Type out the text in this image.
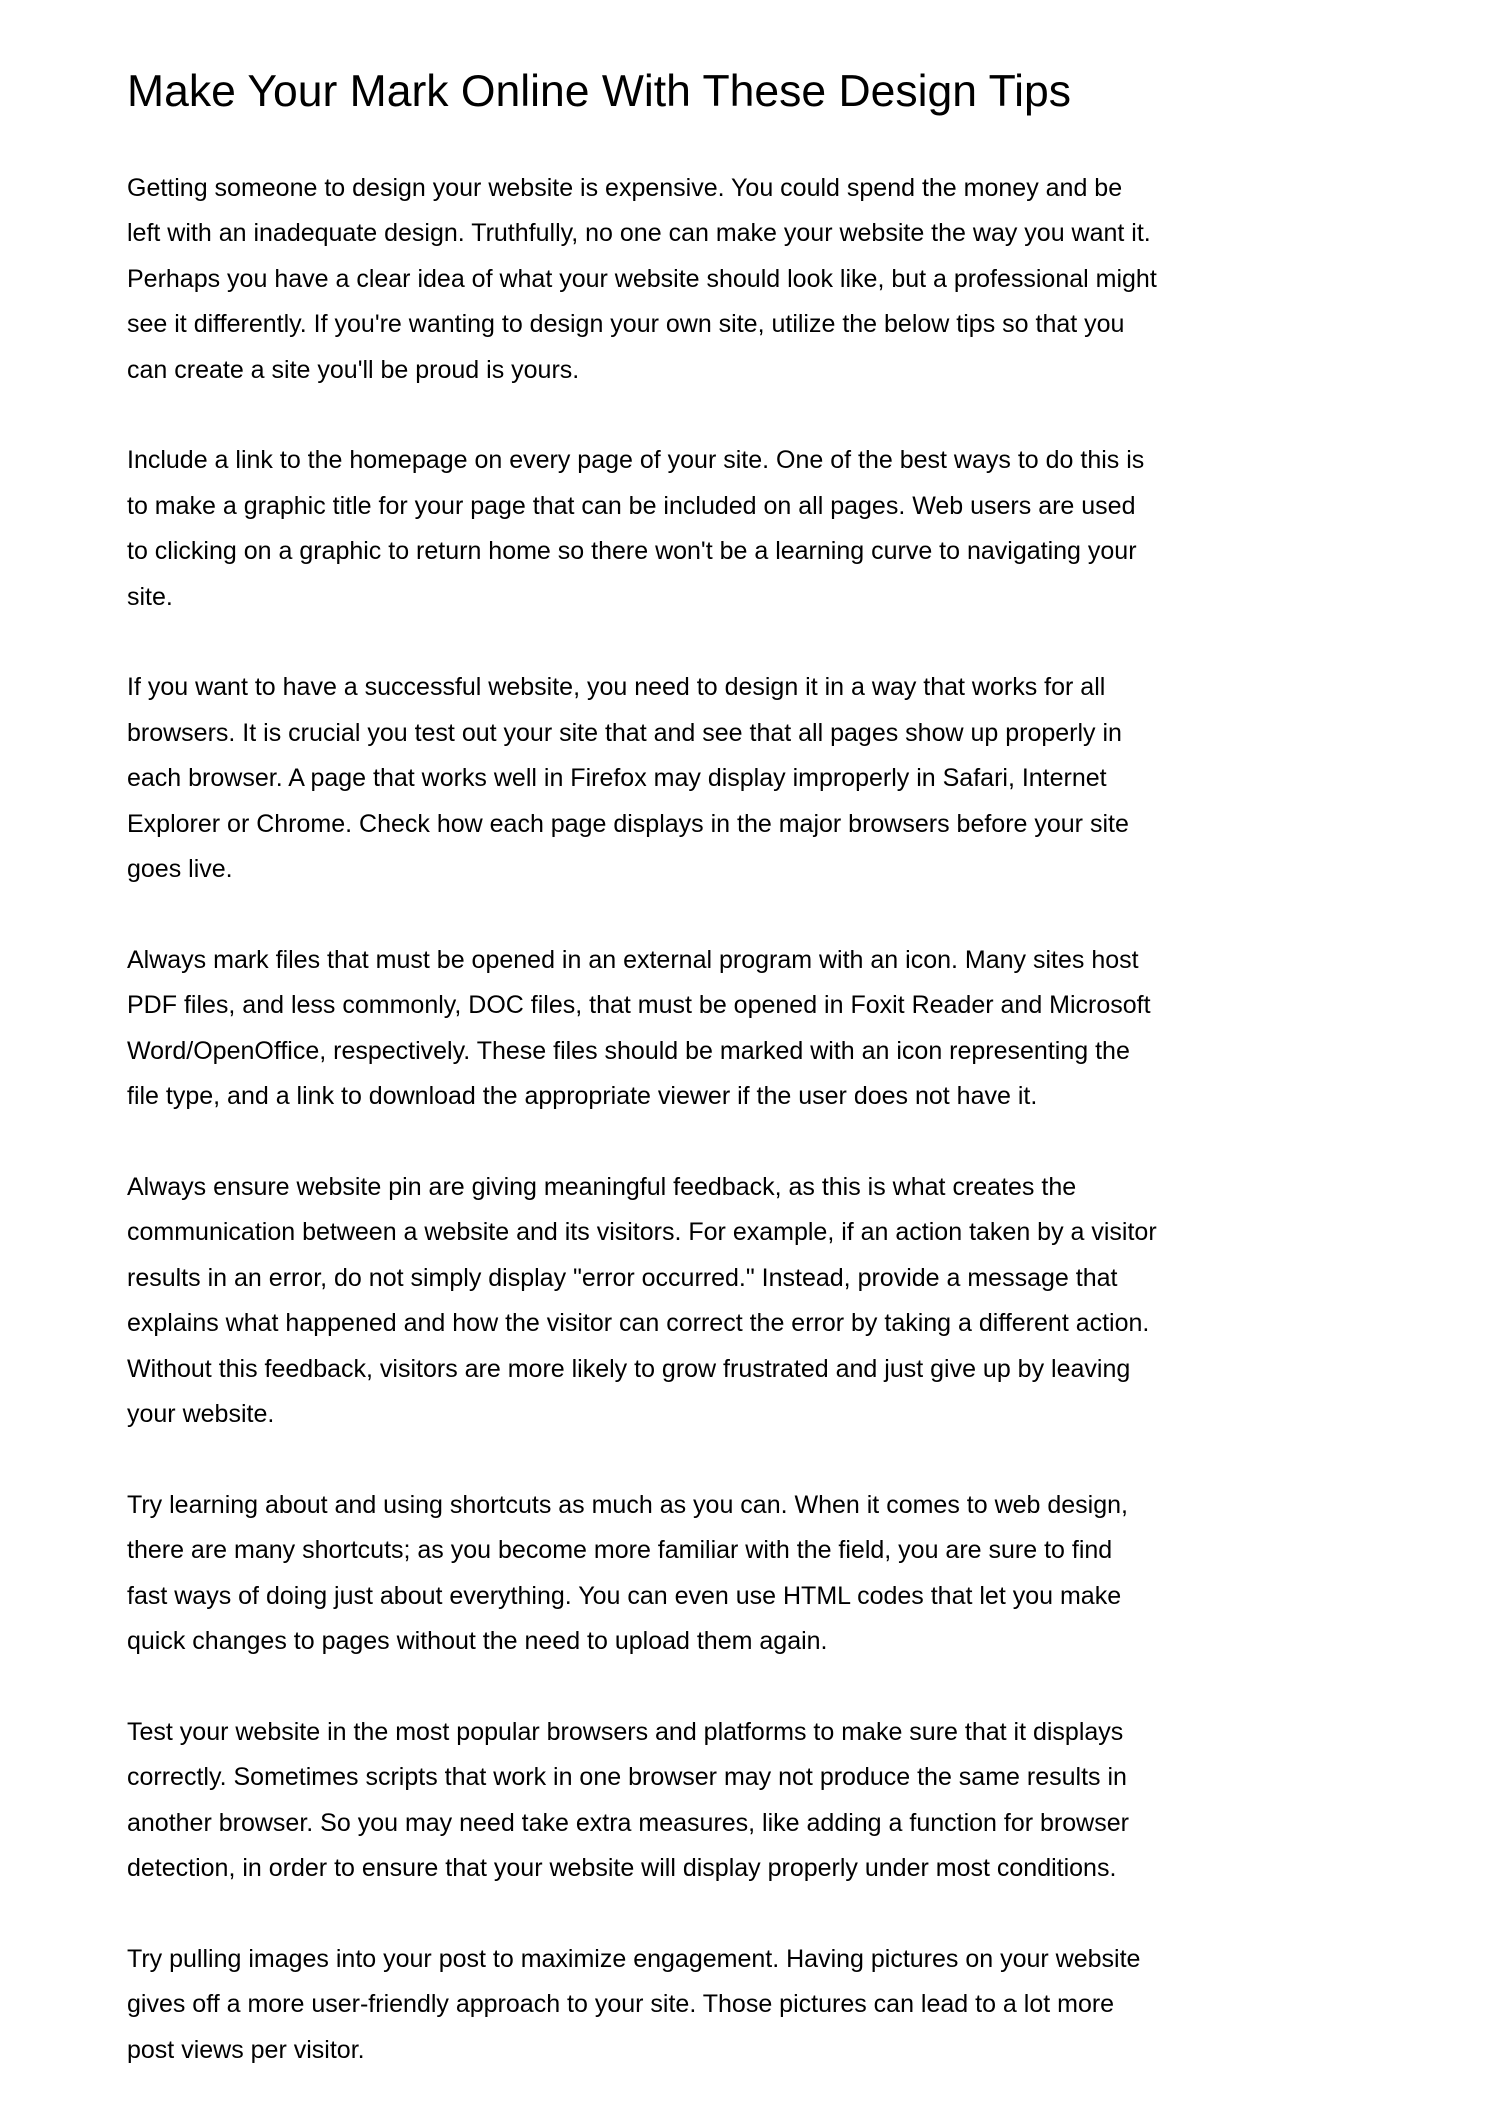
Make Your Mark Online With These Design Tips

Getting someone to design your website is expensive. You could spend the money and be
left with an inadequate design. Truthfully, no one can make your website the way you want it.
Perhaps you have a clear idea of what your website should look like, but a professional might
see it differently. If you're wanting to design your own site, utilize the below tips so that you
can create a site you'll be proud is yours.

Include a link to the homepage on every page of your site. One of the best ways to do this is
to make a graphic title for your page that can be included on all pages. Web users are used
to clicking on a graphic to return home so there won't be a learning curve to navigating your
site.

If you want to have a successful website, you need to design it in a way that works for all
browsers. It is crucial you test out your site that and see that all pages show up properly in
each browser. A page that works well in Firefox may display improperly in Safari, Internet
Explorer or Chrome. Check how each page displays in the major browsers before your site
goes live.

Always mark files that must be opened in an external program with an icon. Many sites host
PDF files, and less commonly, DOC files, that must be opened in Foxit Reader and Microsoft
Word/OpenOffice, respectively. These files should be marked with an icon representing the
file type, and a link to download the appropriate viewer if the user does not have it.

Always ensure website pin are giving meaningful feedback, as this is what creates the
communication between a website and its visitors. For example, if an action taken by a visitor
results in an error, do not simply display "error occurred." Instead, provide a message that
explains what happened and how the visitor can correct the error by taking a different action.
Without this feedback, visitors are more likely to grow frustrated and just give up by leaving
your website.

Try learning about and using shortcuts as much as you can. When it comes to web design,
there are many shortcuts; as you become more familiar with the field, you are sure to find
fast ways of doing just about everything. You can even use HTML codes that let you make
quick changes to pages without the need to upload them again.

Test your website in the most popular browsers and platforms to make sure that it displays
correctly. Sometimes scripts that work in one browser may not produce the same results in
another browser. So you may need take extra measures, like adding a function for browser
detection, in order to ensure that your website will display properly under most conditions.

Try pulling images into your post to maximize engagement. Having pictures on your website
gives off a more user-friendly approach to your site. Those pictures can lead to a lot more
post views per visitor.
